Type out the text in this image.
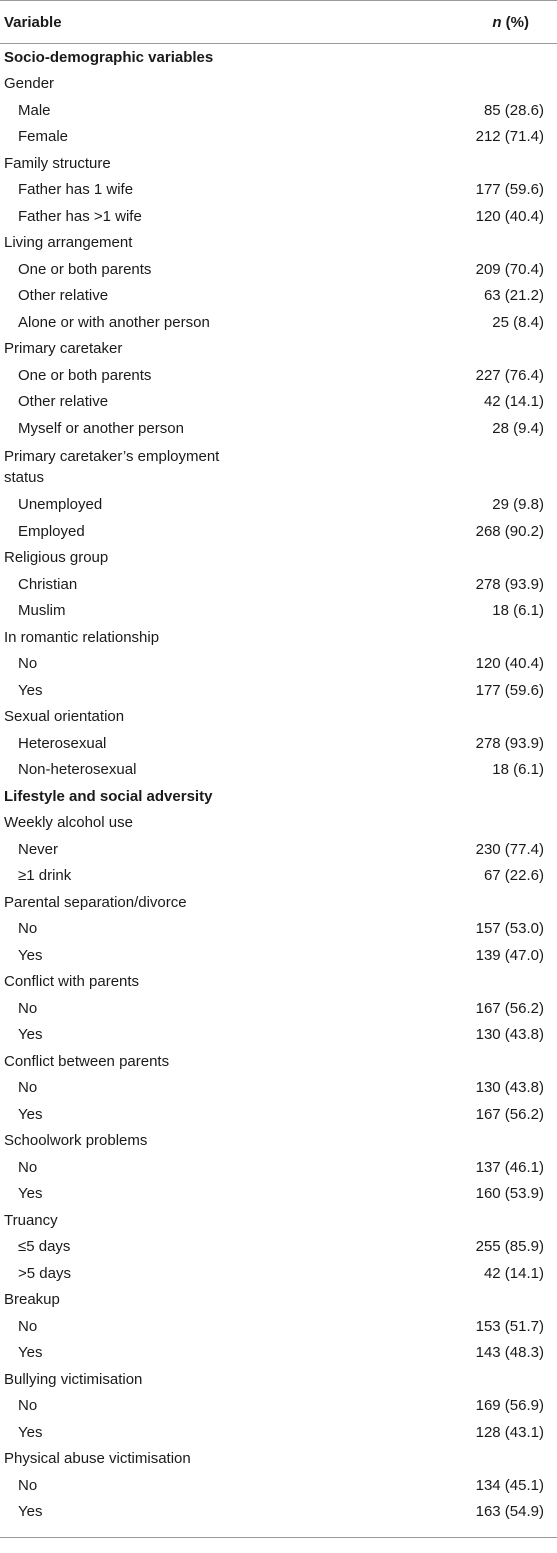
Variable	n (%)
Socio-demographic variables
Gender
Male	85 (28.6)
Female	212 (71.4)
Family structure
Father has 1 wife	177 (59.6)
Father has >1 wife	120 (40.4)
Living arrangement
One or both parents	209 (70.4)
Other relative	63 (21.2)
Alone or with another person	25 (8.4)
Primary caretaker
One or both parents	227 (76.4)
Other relative	42 (14.1)
Myself or another person	28 (9.4)
Primary caretaker’s employment status
Unemployed	29 (9.8)
Employed	268 (90.2)
Religious group
Christian	278 (93.9)
Muslim	18 (6.1)
In romantic relationship
No	120 (40.4)
Yes	177 (59.6)
Sexual orientation
Heterosexual	278 (93.9)
Non-heterosexual	18 (6.1)
Lifestyle and social adversity
Weekly alcohol use
Never	230 (77.4)
≥1 drink	67 (22.6)
Parental separation/divorce
No	157 (53.0)
Yes	139 (47.0)
Conflict with parents
No	167 (56.2)
Yes	130 (43.8)
Conflict between parents
No	130 (43.8)
Yes	167 (56.2)
Schoolwork problems
No	137 (46.1)
Yes	160 (53.9)
Truancy
≤5 days	255 (85.9)
>5 days	42 (14.1)
Breakup
No	153 (51.7)
Yes	143 (48.3)
Bullying victimisation
No	169 (56.9)
Yes	128 (43.1)
Physical abuse victimisation
No	134 (45.1)
Yes	163 (54.9)
